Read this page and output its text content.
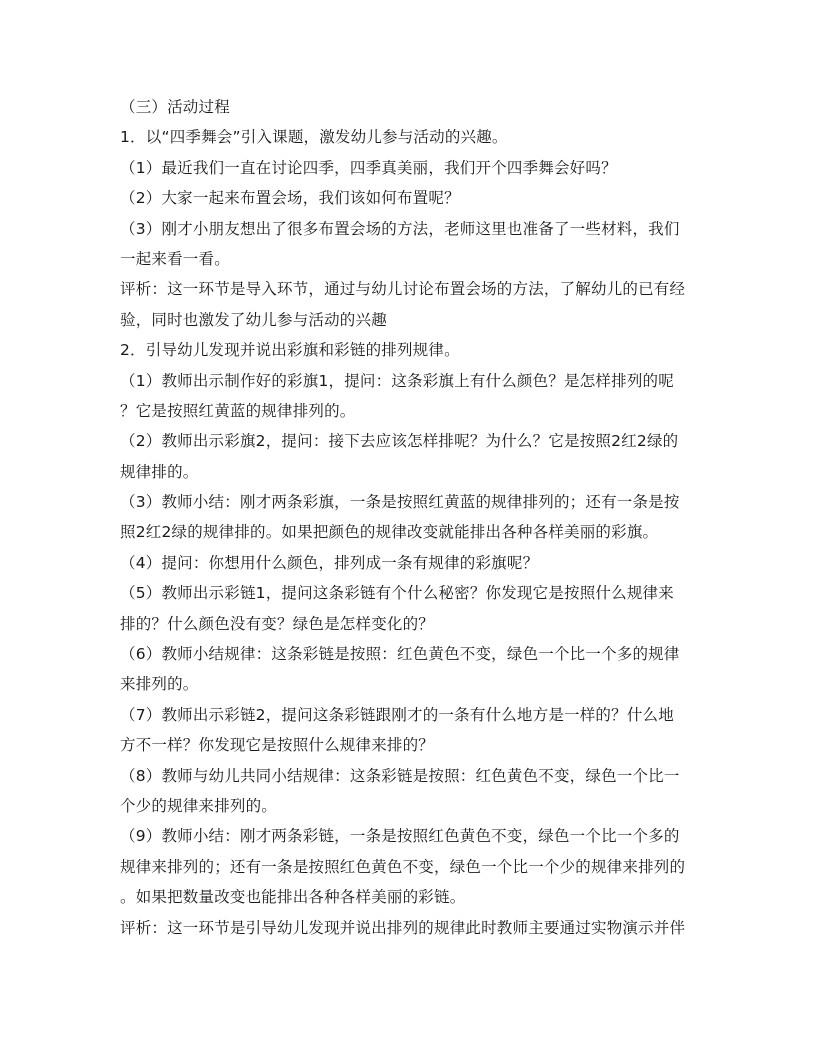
（三）活动过程
1．以“四季舞会”引入课题，激发幼儿参与活动的兴趣。
（1）最近我们一直在讨论四季，四季真美丽，我们开个四季舞会好吗？
（2）大家一起来布置会场，我们该如何布置呢？
（3）刚才小朋友想出了很多布置会场的方法，老师这里也准备了一些材料，我们
一起来看一看。
评析：这一环节是导入环节，通过与幼儿讨论布置会场的方法，了解幼儿的已有经
验，同时也激发了幼儿参与活动的兴趣
2．引导幼儿发现并说出彩旗和彩链的排列规律。
（1）教师出示制作好的彩旗1，提问：这条彩旗上有什么颜色？是怎样排列的呢
？它是按照红黄蓝的规律排列的。
（2）教师出示彩旗2，提问：接下去应该怎样排呢？为什么？它是按照2红2绿的
规律排的。
（3）教师小结：刚才两条彩旗，一条是按照红黄蓝的规律排列的；还有一条是按
照2红2绿的规律排的。如果把颜色的规律改变就能排出各种各样美丽的彩旗。
（4）提问：你想用什么颜色，排列成一条有规律的彩旗呢？
（5）教师出示彩链1，提问这条彩链有个什么秘密？你发现它是按照什么规律来
排的？什么颜色没有变？绿色是怎样变化的？
（6）教师小结规律：这条彩链是按照：红色黄色不变，绿色一个比一个多的规律
来排列的。
（7）教师出示彩链2，提问这条彩链跟刚才的一条有什么地方是一样的？什么地
方不一样？你发现它是按照什么规律来排的？
（8）教师与幼儿共同小结规律：这条彩链是按照：红色黄色不变，绿色一个比一
个少的规律来排列的。
（9）教师小结：刚才两条彩链，一条是按照红色黄色不变，绿色一个比一个多的
规律来排列的；还有一条是按照红色黄色不变，绿色一个比一个少的规律来排列的
。如果把数量改变也能排出各种各样美丽的彩链。
评析：这一环节是引导幼儿发现并说出排列的规律此时教师主要通过实物演示并伴
